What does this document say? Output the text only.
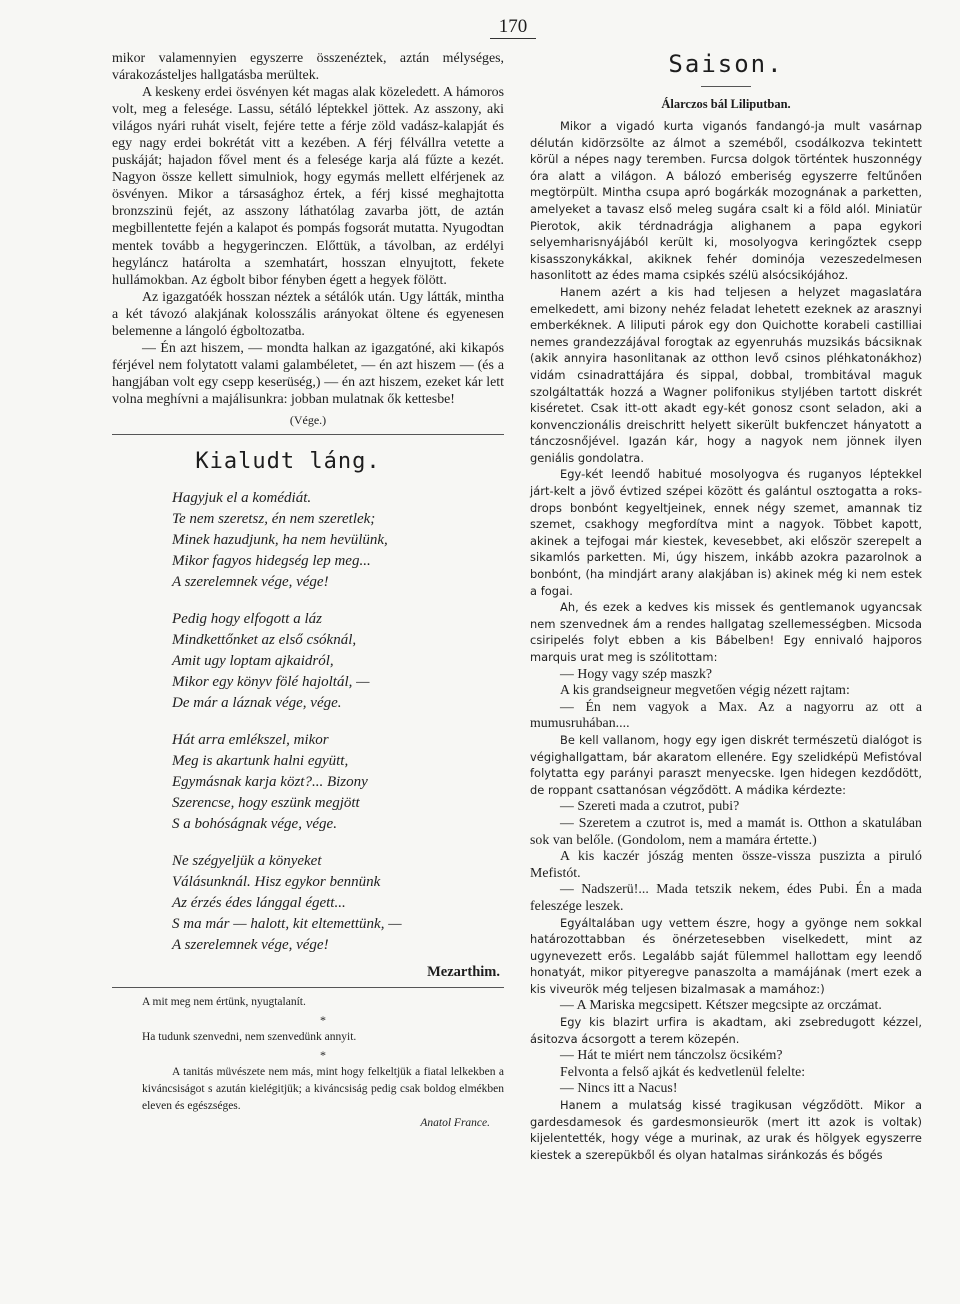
170

mikor valamennyien egyszerre összenéztek, aztán mélységes, várakozásteljes hallgatásba merültek.

A keskeny erdei ösvényen két magas alak közeledett. A hámoros volt, meg a felesége. Lassu, sétáló léptekkel jöttek. Az asszony, aki világos nyári ruhát viselt, fejére tette a férje zöld vadász-kalapját és egy nagy erdei bokrétát vitt a kezében. A férj félvállra vetette a puskáját; hajadon fővel ment és a felesége karja alá fűzte a kezét. Nagyon össze kellett simulniok, hogy egymás mellett elférjenek az ösvényen. Mikor a társasághoz értek, a férj kissé meghajtotta bronzszinü fejét, az asszony láthatólag zavarba jött, de aztán megbillentette fején a kalapot és pompás fogsorát mutatta. Nyugodtan mentek tovább a hegygerinczen. Előttük, a távolban, az erdélyi hegyláncz határolta a szemhatárt, hosszan elnyujtott, fekete hullámokban. Az égbolt bibor fényben égett a hegyek fölött.

Az igazgatóék hosszan néztek a sétálók után. Ugy látták, mintha a két távozó alakjának kolosszális arányokat öltene és egyenesen belemenne a lángoló égboltozatba.

— Én azt hiszem, — mondta halkan az igazgatóné, aki kikapós férjével nem folytatott valami galambéletet, — én azt hiszem — (és a hangjában volt egy csepp keserüség,) — én azt hiszem, ezeket kár lett volna meghívni a majálisunkra: jobban mulatnak ők kettesbe!

(Vége.)
Kialudt láng.
Hagyjuk el a komédiát.
Te nem szeretsz, én nem szeretlek;
Minek hazudjunk, ha nem hevülünk,
Mikor fagyos hidegség lep meg...
A szerelemnek vége, vége!
Pedig hogy elfogott a láz
Mindkettőnket az első csóknál,
Amit ugy loptam ajkaidról,
Mikor egy könyv fölé hajoltál, —
De már a láznak vége, vége.
Hát arra emlékszel, mikor
Meg is akartunk halni együtt,
Egymásnak karja közt?... Bizony
Szerencse, hogy eszünk megjött
S a bohóságnak vége, vége.
Ne szégyeljük a könyeket
Válásunknál. Hisz egykor bennünk
Az érzés édes lánggal égett...
S ma már — halott, kit eltemettünk, —
A szerelemnek vége, vége!
Mezarthim.
A mit meg nem értünk, nyugtalanít.
*
Ha tudunk szenvedni, nem szenvedünk annyit.
*
A tanitás müvészete nem más, mint hogy felkeltjük a fiatal lelkekben a kiváncsiságot s azután kielégitjük; a kiváncsiság pedig csak boldog elmékben eleven és egészséges.
Anatol France.
Saison.
Álarczos bál Liliputban.

Mikor a vigadó kurta viganós fandangó-ja mult vasárnap délután kidörzsölte az álmot a szeméből, csodálkozva tekintett körül a népes nagy teremben. Furcsa dolgok történtek huszonnégy óra alatt a világon. A bálozó emberiség egyszerre feltűnően megtörpült. Mintha csupa apró bogárkák mozognának a parketten, amelyeket a tavasz első meleg sugára csalt ki a föld alól. Miniatür Pierotok, akik térdnadrágja alighanem a papa egykori selyemharisnyájából került ki, mosolyogva keringőztek csepp kisasszonykákkal, akiknek fehér dominója vezeszedelmesen hasonlitott az édes mama csipkés szélü alsócsikójához.

Hanem azért a kis had teljesen a helyzet magaslatára emelkedett, ami bizony nehéz feladat lehetett ezeknek az arasznyi emberkéknek. A liliputi párok egy don Quichotte korabeli castilliai nemes grandezzájával forogtak az egyenruhás muzsikás bácsiknak (akik annyira hasonlitanak az otthon levő csinos pléhkatonákhoz) vidám csinadrattájára és sippal, dobbal, trombitával maguk szolgáltatták hozzá a Wagner polifonikus styljében tartott diskrét kiséretet. Csak itt-ott akadt egy-két gonosz csont seladon, aki a konvenczionális dreischritt helyett sikerült bukfenczet hányatott a tánczosnőjével. Igazán kár, hogy a nagyok nem jönnek ilyen geniális gondolatra.

Egy-két leendő habitué mosolyogva és ruganyos léptekkel járt-kelt a jövő évtized szépei között és galántul osztogatta a roks-drops bonbónt kegyeltjeinek, ennek négy szemet, amannak tiz szemet, csakhogy megfordítva mint a nagyok. Többet kapott, akinek a tejfogai már kiestek, kevesebbet, aki először szerepelt a sikamlós parketten. Mi, úgy hiszem, inkább azokra pazarolnok a bonbónt, (ha mindjárt arany alakjában is) akinek még ki nem estek a fogai.

Ah, és ezek a kedves kis missek és gentlemanok ugyancsak nem szenvednek ám a rendes hallgatag szellemességben. Micsoda csiripelés folyt ebben a kis Bábelben! Egy ennivaló hajporos marquis urat meg is szólitottam:

— Hogy vagy szép maszk?

A kis grandseigneur megvetően végig nézett rajtam:

— Én nem vagyok a Max. Az a nagyorru az ott a mumusruhában....

Be kell vallanom, hogy egy igen diskrét természetü dialógot is végighallgattam, bár akaratom ellenére. Egy szelidképü Mefistóval folytatta egy parányi paraszt menyecske. Igen hidegen kezdődött, de roppant csattanósan végződött. A mádika kérdezte:

— Szereti mada a czutrot, pubi?

— Szeretem a czutrot is, med a mamát is. Otthon a skatulában sok van belőle. (Gondolom, nem a mamára értette.)

A kis kaczér jószág menten össze-vissza puszizta a piruló Mefistót.

— Nadszerü!... Mada tetszik nekem, édes Pubi. Én a mada feleszége leszek.

Egyáltalában ugy vettem észre, hogy a gyönge nem sokkal határozottabban és önérzetesebben viselkedett, mint az ugynevezett erős. Legalább saját fülemmel hallottam egy leendő honatyát, mikor pityeregve panaszolta a mamájának (mert ezek a kis viveurök még teljesen bizalmasak a mamához:)

— A Mariska megcsipett. Kétszer megcsipte az orczámat.

Egy kis blazirt urfira is akadtam, aki zsebredugott kézzel, ásitozva ácsorgott a terem közepén.

— Hát te miért nem tánczolsz öcsikém?

Felvonta a felső ajkát és kedvetlenül felelte:

— Nincs itt a Nacus!

Hanem a mulatság kissé tragikusan végződött. Mikor a gardesdamesok és gardesmonsieurök (mert itt azok is voltak) kijelentették, hogy vége a murinak, az urak és hölgyek egyszerre kiestek a szerepükből és olyan hatalmas siránkozás és bőgés
